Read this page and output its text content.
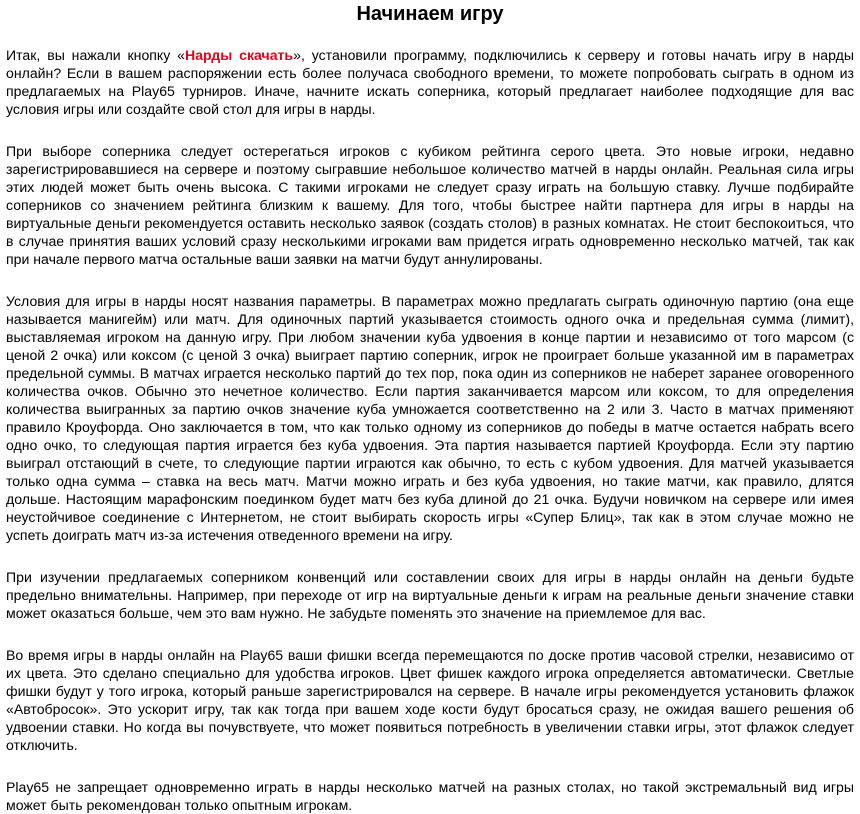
Начинаем игру

Итак, вы нажали кнопку «Нарды скачать», установили программу, подключились к серверу и готовы начать игру в нарды онлайн? Если в вашем распоряжении есть более получаса свободного времени, то можете попробовать сыграть в одном из предлагаемых на Play65 турниров. Иначе, начните искать соперника, который предлагает наиболее подходящие для вас условия игры или создайте свой стол для игры в нарды.

При выборе соперника следует остерегаться игроков с кубиком рейтинга серого цвета. Это новые игроки, недавно зарегистрировавшиеся на сервере и поэтому сыгравшие небольшое количество матчей в нарды онлайн. Реальная сила игры этих людей может быть очень высока. С такими игроками не следует сразу играть на большую ставку. Лучше подбирайте соперников со значением рейтинга близким к вашему. Для того, чтобы быстрее найти партнера для игры в нарды на виртуальные деньги рекомендуется оставить несколько заявок (создать столов) в разных комнатах. Не стоит беспокоиться, что в случае принятия ваших условий сразу несколькими игроками вам придется играть одновременно несколько матчей, так как при начале первого матча остальные ваши заявки на матчи будут аннулированы.

Условия для игры в нарды носят названия параметры. В параметрах можно предлагать сыграть одиночную партию (она еще называется манигейм) или матч. Для одиночных партий указывается стоимость одного очка и предельная сумма (лимит), выставляемая игроком на данную игру. При любом значении куба удвоения в конце партии и независимо от того марсом (с ценой 2 очка) или коксом (с ценой 3 очка) выиграет партию соперник, игрок не проиграет больше указанной им в параметрах предельной суммы. В матчах играется несколько партий до тех пор, пока один из соперников не наберет заранее оговоренного количества очков. Обычно это нечетное количество. Если партия заканчивается марсом или коксом, то для определения количества выигранных за партию очков значение куба умножается соответственно на 2 или 3. Часто в матчах применяют правило Кроуфорда. Оно заключается в том, что как только одному из соперников до победы в матче остается набрать всего одно очко, то следующая партия играется без куба удвоения. Эта партия называется партией Кроуфорда. Если эту партию выиграл отстающий в счете, то следующие партии играются как обычно, то есть с кубом удвоения. Для матчей указывается только одна сумма – ставка на весь матч. Матчи можно играть и без куба удвоения, но такие матчи, как правило, длятся дольше. Настоящим марафонским поединком будет матч без куба длиной до 21 очка. Будучи новичком на сервере или имея неустойчивое соединение с Интернетом, не стоит выбирать скорость игры «Супер Блиц», так как в этом случае можно не успеть доиграть матч из-за истечения отведенного времени на игру.

При изучении предлагаемых соперником конвенций или составлении своих для игры в нарды онлайн на деньги будьте предельно внимательны. Например, при переходе от игр на виртуальные деньги к играм на реальные деньги значение ставки может оказаться больше, чем это вам нужно. Не забудьте поменять это значение на приемлемое для вас.

Во время игры в нарды онлайн на Play65 ваши фишки всегда перемещаются по доске против часовой стрелки, независимо от их цвета. Это сделано специально для удобства игроков. Цвет фишек каждого игрока определяется автоматически. Светлые фишки будут у того игрока, который раньше зарегистрировался на сервере. В начале игры рекомендуется установить флажок «Автобросок». Это ускорит игру, так как тогда при вашем ходе кости будут бросаться сразу, не ожидая вашего решения об удвоении ставки. Но когда вы почувствуете, что может появиться потребность в увеличении ставки игры, этот флажок следует отключить.

Play65 не запрещает одновременно играть в нарды несколько матчей на разных столах, но такой экстремальный вид игры может быть рекомендован только опытным игрокам.
